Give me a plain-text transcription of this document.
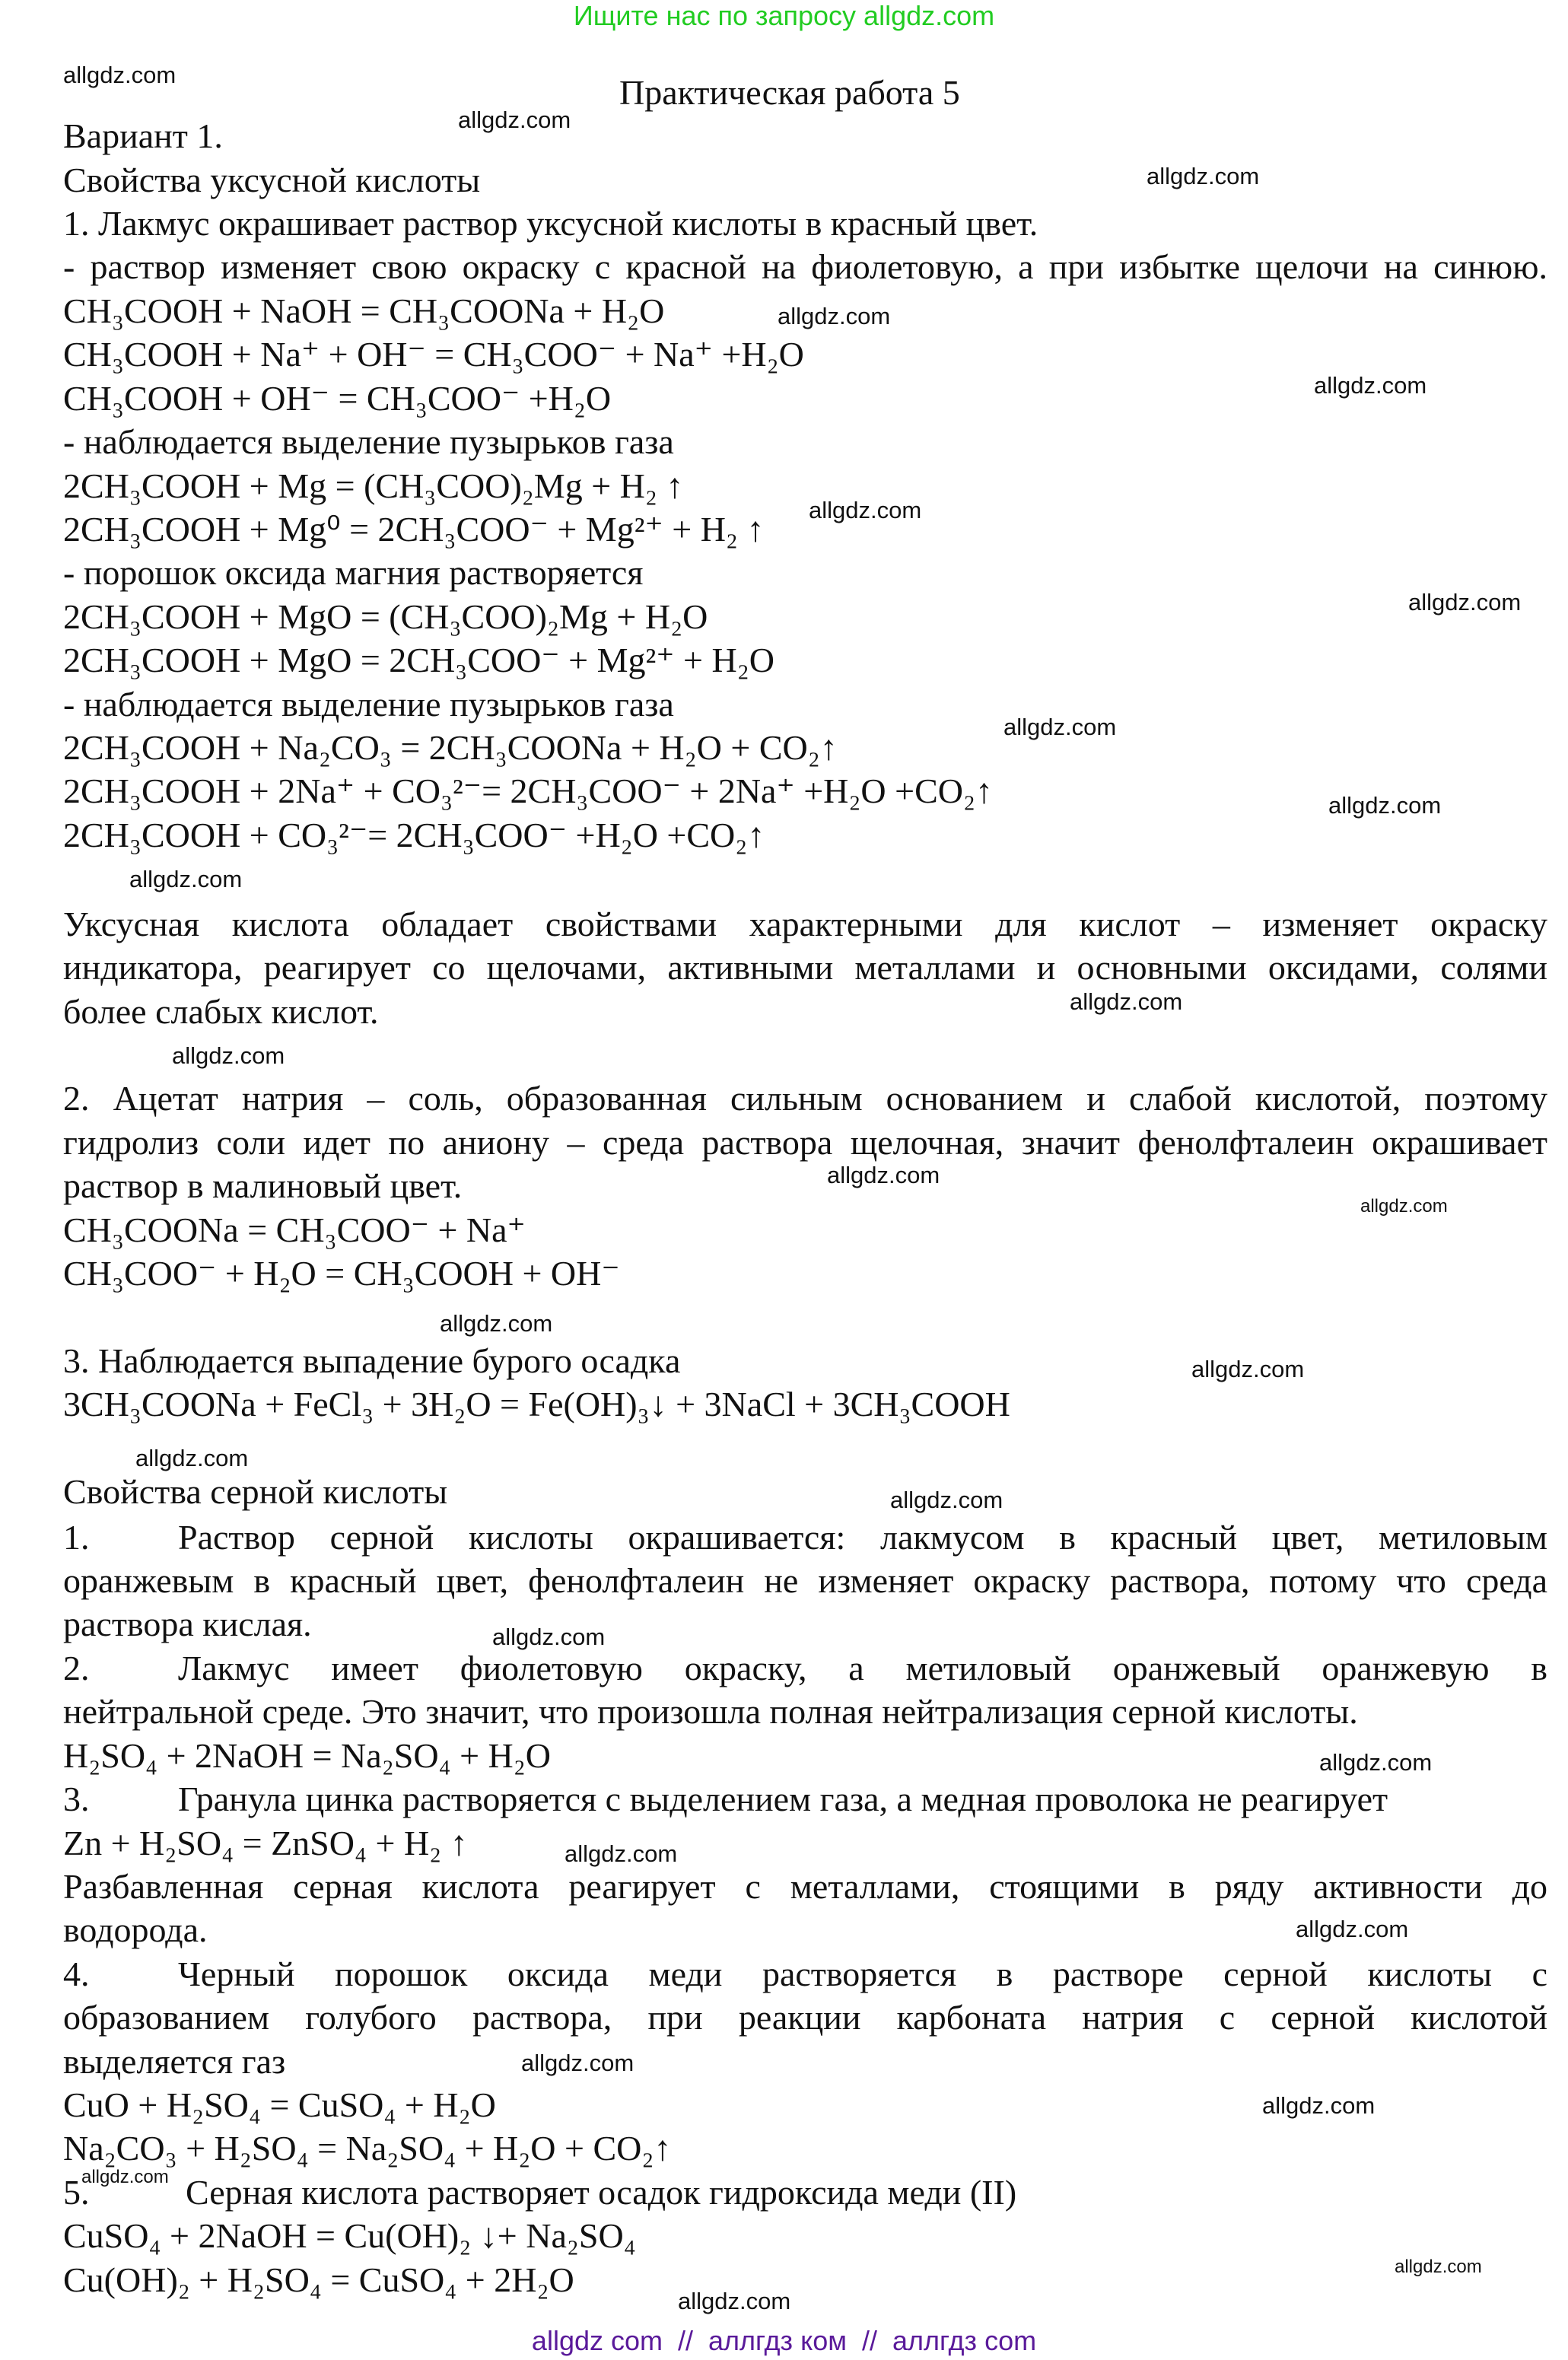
Ищите нас по запросу allgdz.com
Практическая работа 5
Вариант 1.
Свойства уксусной кислоты
1. Лакмус окрашивает раствор уксусной кислоты в красный цвет.
- раствор изменяет свою окраску с красной на фиолетовую, а при избытке щелочи на синюю.
CH₃COOH + NaOH = CH₃COONa + H₂O
CH₃COOH + Na⁺ + OH⁻ = CH₃COO⁻ + Na⁺ +H₂O
CH₃COOH + OH⁻ = CH₃COO⁻ +H₂O
- наблюдается выделение пузырьков газа
2CH₃COOH + Mg = (CH₃COO)₂Mg + H₂ ↑
2CH₃COOH + Mg⁰ = 2CH₃COO⁻ + Mg²⁺ + H₂ ↑
- порошок оксида магния растворяется
2CH₃COOH + MgO = (CH₃COO)₂Mg + H₂O
2CH₃COOH + MgO = 2CH₃COO⁻ + Mg²⁺ + H₂O
- наблюдается выделение пузырьков газа
2CH₃COOH + Na₂CO₃ = 2CH₃COONa + H₂O + CO₂↑
2CH₃COOH + 2Na⁺ + CO₃²⁻= 2CH₃COO⁻ + 2Na⁺ +H₂O +CO₂↑
2CH₃COOH + CO₃²⁻= 2CH₃COO⁻ +H₂O +CO₂↑
Уксусная кислота обладает свойствами характерными для кислот – изменяет окраску
индикатора, реагирует со щелочами, активными металлами и основными оксидами, солями
более слабых кислот.
2. Ацетат натрия – соль, образованная сильным основанием и слабой кислотой, поэтому
гидролиз соли идет по аниону – среда раствора щелочная, значит фенолфталеин окрашивает
раствор в малиновый цвет.
CH₃COONa = CH₃COO⁻ + Na⁺
CH₃COO⁻ + H₂O = CH₃COOH + OH⁻
3. Наблюдается выпадение бурого осадка
3CH₃COONa + FeCl₃ + 3H₂O = Fe(OH)₃↓ + 3NaCl + 3CH₃COOH
Свойства серной кислоты
1.	Раствор серной кислоты окрашивается: лакмусом в красный цвет, метиловым
оранжевым в красный цвет, фенолфталеин не изменяет окраску раствора, потому что среда
раствора кислая.
2.	Лакмус имеет фиолетовую окраску, а метиловый оранжевый оранжевую в
нейтральной среде. Это значит, что произошла полная нейтрализация серной кислоты.
H₂SO₄ + 2NaOH = Na₂SO₄ + H₂O
3.	Гранула цинка растворяется с выделением газа, а медная проволока не реагирует
Zn + H₂SO₄ = ZnSO₄ + H₂ ↑
Разбавленная серная кислота реагирует с металлами, стоящими в ряду активности до
водорода.
4.	Черный порошок оксида меди растворяется в растворе серной кислоты с
образованием голубого раствора, при реакции карбоната натрия с серной кислотой
выделяется газ
CuO + H₂SO₄ = CuSO₄ + H₂O
Na₂CO₃ + H₂SO₄ = Na₂SO₄ + H₂O + CO₂↑
5.	Серная кислота растворяет осадок гидроксида меди (II)
CuSO₄ + 2NaOH = Cu(OH)₂ ↓+ Na₂SO₄
Cu(OH)₂ + H₂SO₄ = CuSO₄ + 2H₂O
allgdz.com
allgdz.com
allgdz.com
allgdz.com
allgdz.com
allgdz.com
allgdz.com
allgdz.com
allgdz.com
allgdz.com
allgdz.com
allgdz.com
allgdz.com
allgdz.com
allgdz.com
allgdz.com
allgdz.com
allgdz.com
allgdz.com
allgdz.com
allgdz.com
allgdz.com
allgdz.com
allgdz.com
allgdz.com
allgdz.com
allgdz.com
allgdz com  //  аллгдз ком  //  аллгдз com
